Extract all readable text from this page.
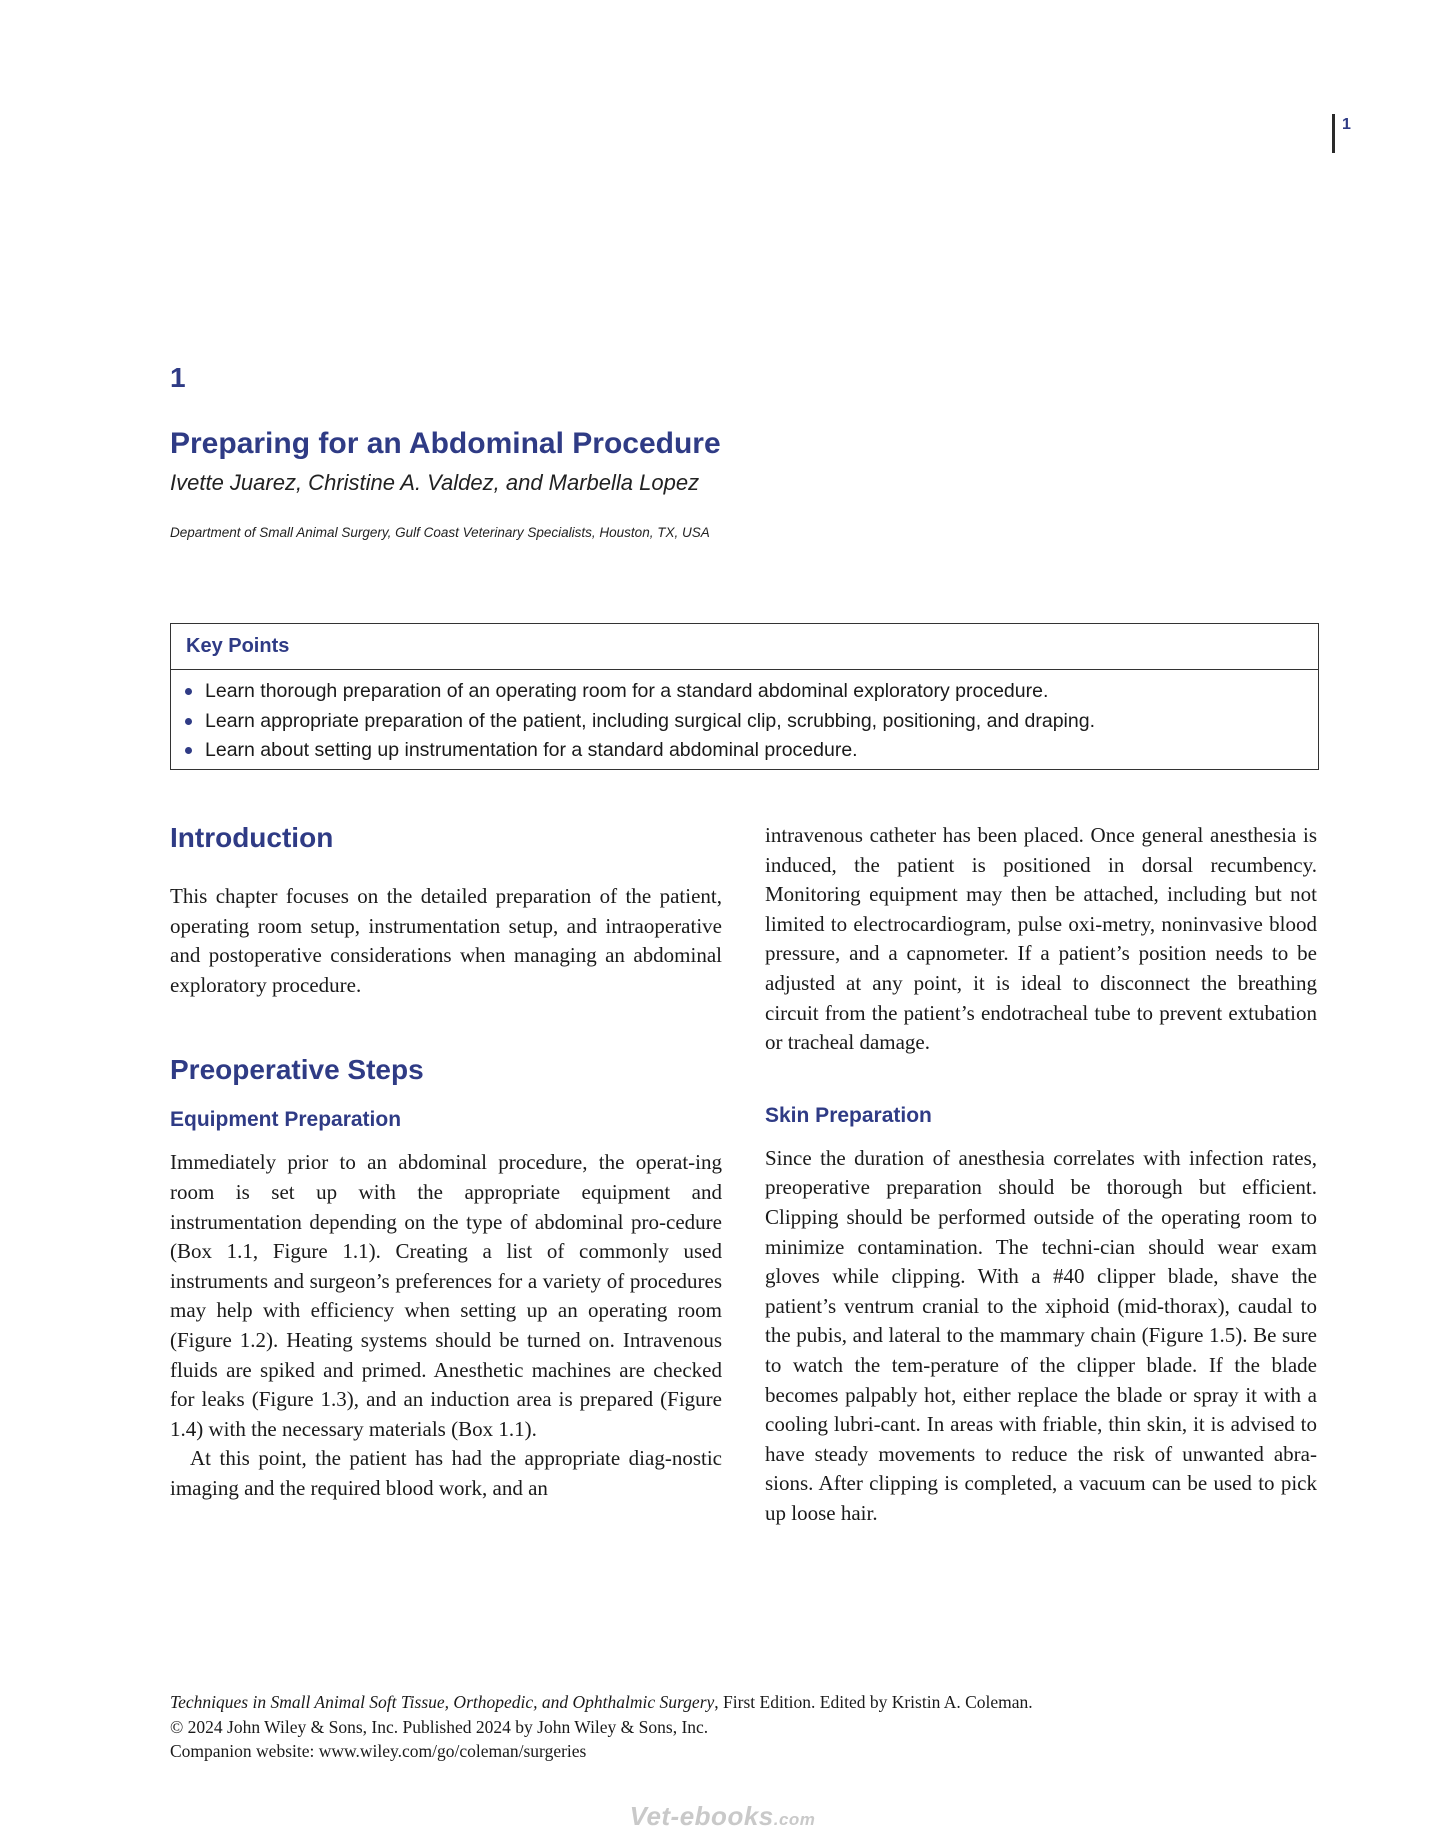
1
1
Preparing for an Abdominal Procedure
Ivette Juarez, Christine A. Valdez, and Marbella Lopez
Department of Small Animal Surgery, Gulf Coast Veterinary Specialists, Houston, TX, USA
Key Points
Learn thorough preparation of an operating room for a standard abdominal exploratory procedure.
Learn appropriate preparation of the patient, including surgical clip, scrubbing, positioning, and draping.
Learn about setting up instrumentation for a standard abdominal procedure.
Introduction

This chapter focuses on the detailed preparation of the patient, operating room setup, instrumentation setup, and intraoperative and postoperative considerations when managing an abdominal exploratory procedure.

Preoperative Steps
Equipment Preparation

Immediately prior to an abdominal procedure, the operat-ing room is set up with the appropriate equipment and instrumentation depending on the type of abdominal pro-cedure (Box 1.1, Figure 1.1). Creating a list of commonly used instruments and surgeon’s preferences for a variety of procedures may help with efficiency when setting up an operating room (Figure 1.2). Heating systems should be turned on. Intravenous fluids are spiked and primed. Anesthetic machines are checked for leaks (Figure 1.3), and an induction area is prepared (Figure 1.4) with the necessary materials (Box 1.1).

At this point, the patient has had the appropriate diag-nostic imaging and the required blood work, and an

intravenous catheter has been placed. Once general anesthesia is induced, the patient is positioned in dorsal recumbency. Monitoring equipment may then be attached, including but not limited to electrocardiogram, pulse oxi-metry, noninvasive blood pressure, and a capnometer. If a patient’s position needs to be adjusted at any point, it is ideal to disconnect the breathing circuit from the patient’s endotracheal tube to prevent extubation or tracheal damage.

Skin Preparation

Since the duration of anesthesia correlates with infection rates, preoperative preparation should be thorough but efficient. Clipping should be performed outside of the operating room to minimize contamination. The techni-cian should wear exam gloves while clipping. With a #40 clipper blade, shave the patient’s ventrum cranial to the xiphoid (mid-thorax), caudal to the pubis, and lateral to the mammary chain (Figure 1.5). Be sure to watch the tem-perature of the clipper blade. If the blade becomes palpably hot, either replace the blade or spray it with a cooling lubri-cant. In areas with friable, thin skin, it is advised to have steady movements to reduce the risk of unwanted abra-sions. After clipping is completed, a vacuum can be used to pick up loose hair.

Techniques in Small Animal Soft Tissue, Orthopedic, and Ophthalmic Surgery, First Edition. Edited by Kristin A. Coleman.
© 2024 John Wiley & Sons, Inc. Published 2024 by John Wiley & Sons, Inc.
Companion website: www.wiley.com/go/coleman/surgeries
Vet-ebooks.com
